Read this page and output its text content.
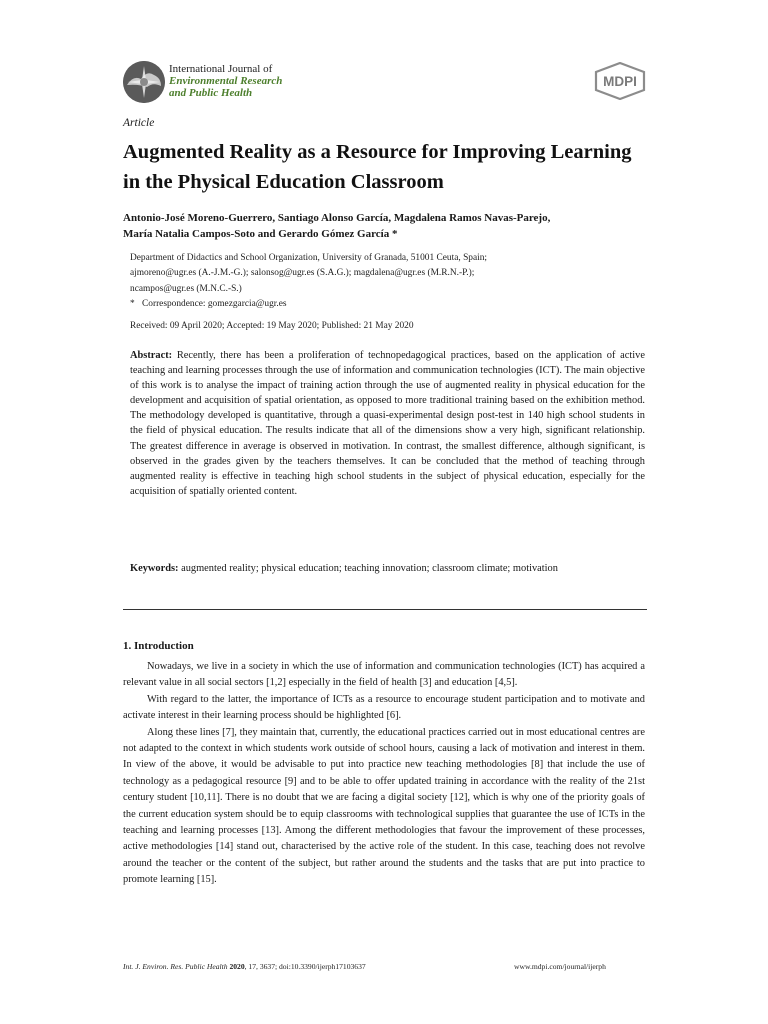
International Journal of
Environmental Research
and Public Health
MDPI
Article
Augmented Reality as a Resource for Improving Learning in the Physical Education Classroom
Antonio-José Moreno-Guerrero, Santiago Alonso García, Magdalena Ramos Navas-Parejo,
María Natalia Campos-Soto and Gerardo Gómez García *
Department of Didactics and School Organization, University of Granada, 51001 Ceuta, Spain;
ajmoreno@ugr.es (A.-J.M.-G.); salonsog@ugr.es (S.A.G.); magdalena@ugr.es (M.R.N.-P.);
ncampos@ugr.es (M.N.C.-S.)
* Correspondence: gomezgarcia@ugr.es
Received: 09 April 2020; Accepted: 19 May 2020; Published: 21 May 2020
Abstract: Recently, there has been a proliferation of technopedagogical practices, based on the application of active teaching and learning processes through the use of information and communication technologies (ICT). The main objective of this work is to analyse the impact of training action through the use of augmented reality in physical education for the development and acquisition of spatial orientation, as opposed to more traditional training based on the exhibition method. The methodology developed is quantitative, through a quasi-experimental design post-test in 140 high school students in the field of physical education. The results indicate that all of the dimensions show a very high, significant relationship. The greatest difference in average is observed in motivation. In contrast, the smallest difference, although significant, is observed in the grades given by the teachers themselves. It can be concluded that the method of teaching through augmented reality is effective in teaching high school students in the subject of physical education, especially for the acquisition of spatially oriented content.
Keywords: augmented reality; physical education; teaching innovation; classroom climate; motivation
1. Introduction

Nowadays, we live in a society in which the use of information and communication technologies (ICT) has acquired a relevant value in all social sectors [1,2] especially in the field of health [3] and education [4,5].

With regard to the latter, the importance of ICTs as a resource to encourage student participation and to motivate and activate interest in their learning process should be highlighted [6].

Along these lines [7], they maintain that, currently, the educational practices carried out in most educational centres are not adapted to the context in which students work outside of school hours, causing a lack of motivation and interest in them. In view of the above, it would be advisable to put into practice new teaching methodologies [8] that include the use of technology as a pedagogical resource [9] and to be able to offer updated training in accordance with the reality of the 21st century student [10,11]. There is no doubt that we are facing a digital society [12], which is why one of the priority goals of the current education system should be to equip classrooms with technological supplies that guarantee the use of ICTs in the teaching and learning processes [13]. Among the different methodologies that favour the improvement of these processes, active methodologies [14] stand out, characterised by the active role of the student. In this case, teaching does not revolve around the teacher or the content of the subject, but rather around the students and the tasks that are put into practice to promote learning [15].

Int. J. Environ. Res. Public Health 2020, 17, 3637; doi:10.3390/ijerph17103637	www.mdpi.com/journal/ijerph
